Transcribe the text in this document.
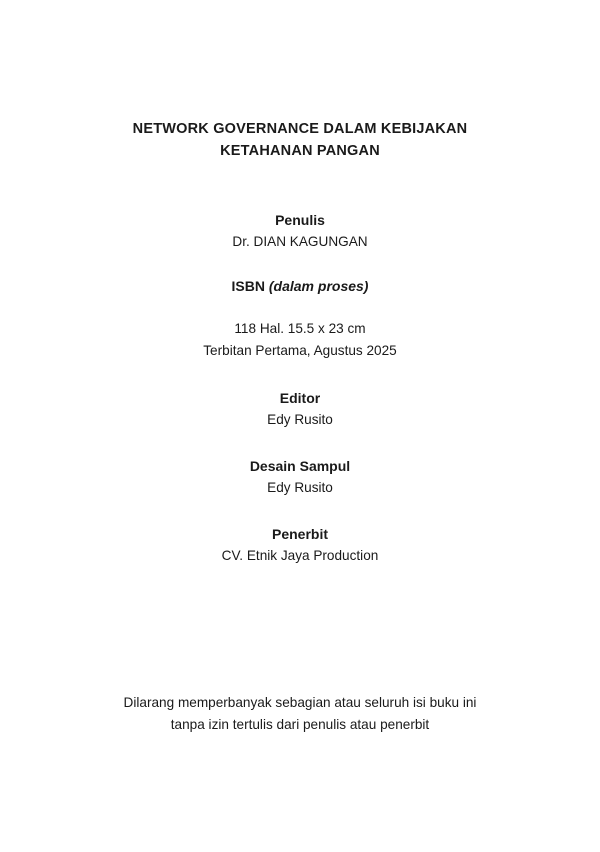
NETWORK GOVERNANCE DALAM KEBIJAKAN
KETAHANAN PANGAN
Penulis
Dr. DIAN KAGUNGAN
ISBN (dalam proses)
118 Hal. 15.5 x 23 cm
Terbitan Pertama, Agustus 2025
Editor
Edy Rusito
Desain Sampul
Edy Rusito
Penerbit
CV. Etnik Jaya Production
Dilarang memperbanyak sebagian atau seluruh isi buku ini
tanpa izin tertulis dari penulis atau penerbit
